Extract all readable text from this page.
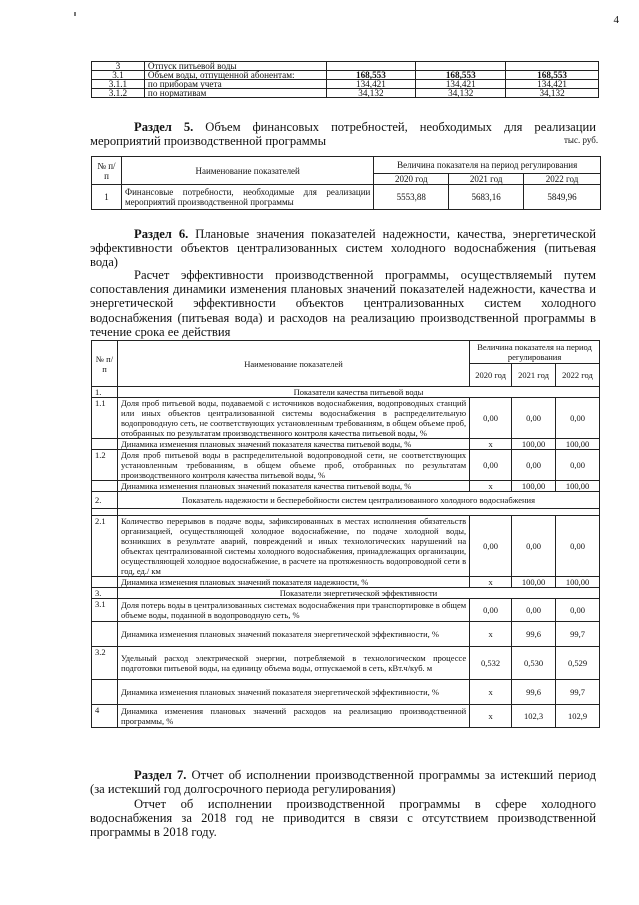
4
3	Отпуск питьевой воды			
3.1	Объем воды, отпущенной абонентам:	168,553	168,553	168,553
3.1.1	по приборам учета	134,421	134,421	134,421
3.1.2	по нормативам	34,132	34,132	34,132
Раздел 5. Объем финансовых потребностей, необходимых для реализации мероприятий производственной программы	тыс. руб.
№ п/п	Наименование показателей	Величина показателя на период регулирования		
		2020 год	2021 год	2022 год
1	Финансовые потребности, необходимые для реализации мероприятий производственной программы	5553,88	5683,16	5849,96
Раздел 6. Плановые значения показателей надежности, качества, энергетической эффективности объектов централизованных систем холодного водоснабжения (питьевая вода)
Расчет эффективности производственной программы, осуществляемый путем сопоставления динамики изменения плановых значений показателей надежности, качества и энергетической эффективности объектов централизованных систем холодного водоснабжения (питьевая вода) и расходов на реализацию производственной программы в течение срока ее действия
№ п/п	Наименование показателей	Величина показателя на период регулирования		
		2020 год	2021 год	2022 год
1.	Показатели качества питьевой воды			
1.1	Доля проб питьевой воды, подаваемой с источников водоснабжения, водопроводных станций или иных объектов централизованной системы водоснабжения в распределительную водопроводную сеть, не соответствующих установленным требованиям, в общем объеме проб, отобранных по результатам производственного контроля качества питьевой воды, %	0,00	0,00	0,00
	Динамика изменения плановых значений показателя качества питьевой воды, %	x	100,00	100,00
1.2	Доля проб питьевой воды в распределительной водопроводной сети, не соответствующих установленным требованиям, в общем объеме проб, отобранных по результатам производственного контроля качества питьевой воды, %	0,00	0,00	0,00
	Динамика изменения плановых значений показателя качества питьевой воды, %	x	100,00	100,00
2.	Показатель надежности и бесперебойности систем централизованного холодного водоснабжения			

2.1	Количество перерывов в подаче воды, зафиксированных в местах исполнения обязательств организацией, осуществляющей холодное водоснабжение, по подаче холодной воды, возникших в результате аварий, повреждений и иных технологических нарушений на объектах централизованной системы холодного водоснабжения, принадлежащих организации, осуществляющей холодное водоснабжение, в расчете на протяженность водопроводной сети в год, ед./ км	0,00	0,00	0,00
	Динамика изменения плановых значений показателя надежности, %	x	100,00	100,00
3.	Показатели энергетической эффективности			
3.1	Доля потерь воды в централизованных системах водоснабжения при транспортировке в общем объеме воды, поданной в водопроводную сеть, %	0,00	0,00	0,00
	Динамика изменения плановых значений показателя энергетической эффективности, %	x	99,6	99,7
3.2	Удельный расход электрической энергии, потребляемой в технологическом процессе подготовки питьевой воды, на единицу объема воды, отпускаемой в сеть, кВт.ч/куб. м	0,532	0,530	0,529
	Динамика изменения плановых значений показателя энергетической эффективности, %	x	99,6	99,7
4	Динамика изменения плановых значений расходов на реализацию производственной программы, %	x	102,3	102,9
Раздел 7. Отчет об исполнении производственной программы за истекший период (за истекший год долгосрочного периода регулирования)
Отчет об исполнении производственной программы в сфере холодного водоснабжения за 2018 год не приводится в связи с отсутствием производственной программы в 2018 году.
